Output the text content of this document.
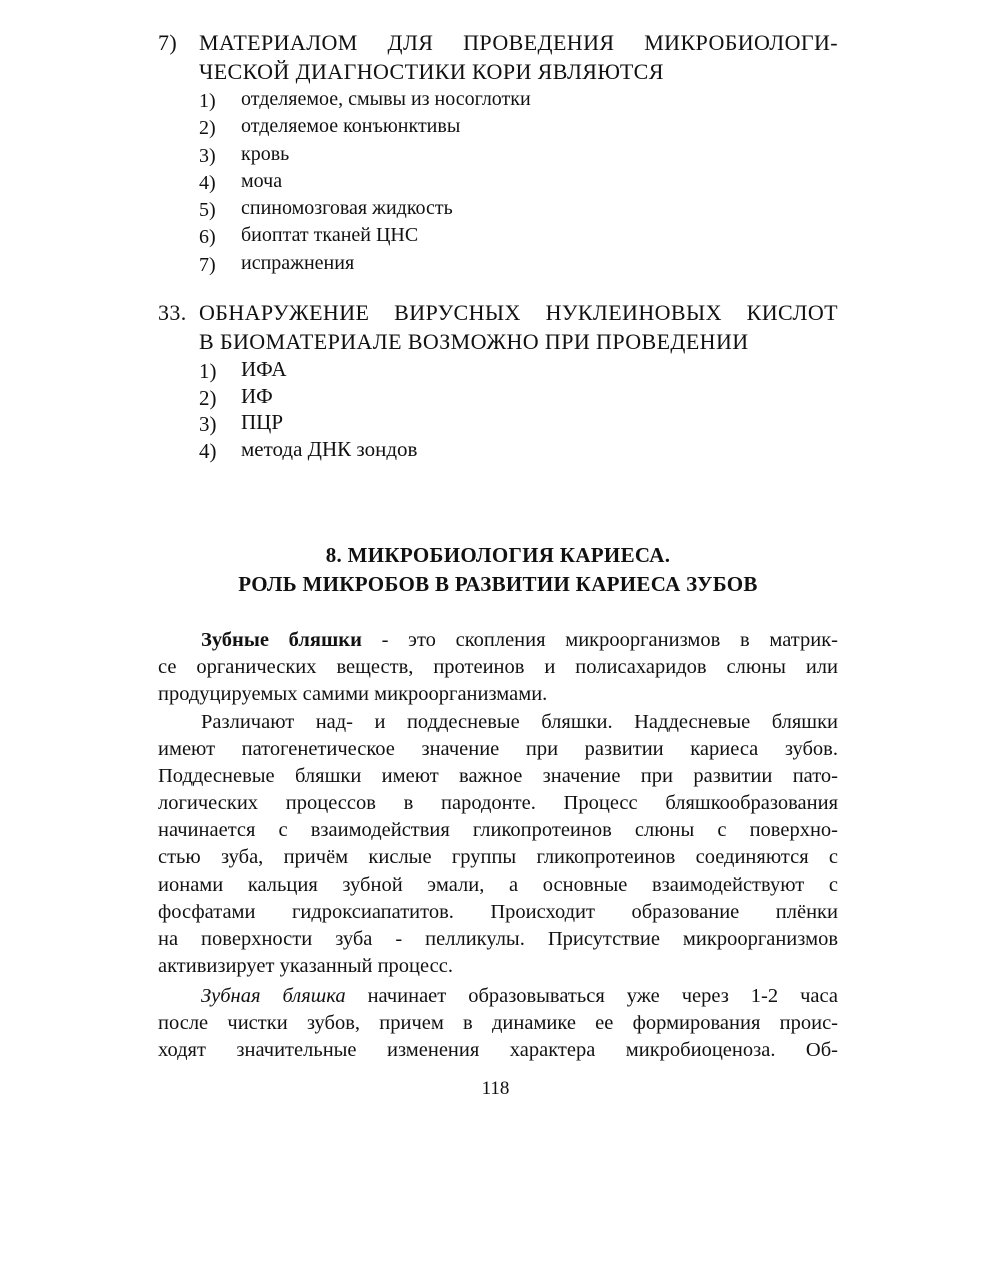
7) МАТЕРИАЛОМ ДЛЯ ПРОВЕДЕНИЯ МИКРОБИОЛОГИ-
ЧЕСКОЙ ДИАГНОСТИКИ КОРИ ЯВЛЯЮТСЯ
1) отделяемое, смывы из носоглотки
2) отделяемое конъюнктивы
3) кровь
4) моча
5) спиномозговая жидкость
6) биоптат тканей ЦНС
7) испражнения
33. ОБНАРУЖЕНИЕ ВИРУСНЫХ НУКЛЕИНОВЫХ КИСЛОТ
В БИОМАТЕРИАЛЕ ВОЗМОЖНО ПРИ ПРОВЕДЕНИИ
1) ИФА
2) ИФ
3) ПЦР
4) метода ДНК зондов
8. МИКРОБИОЛОГИЯ КАРИЕСА.
РОЛЬ МИКРОБОВ В РАЗВИТИИ КАРИЕСА ЗУБОВ
Зубные бляшки - это скопления микроорганизмов в матрик-
се органических веществ, протеинов и полисахаридов слюны или
продуцируемых самими микроорганизмами.
Различают над- и поддесневые бляшки. Наддесневые бляшки
имеют патогенетическое значение при развитии кариеса зубов.
Поддесневые бляшки имеют важное значение при развитии пато-
логических процессов в пародонте. Процесс бляшкообразования
начинается с взаимодействия гликопротеинов слюны с поверхно-
стью зуба, причём кислые группы гликопротеинов соединяются с
ионами кальция зубной эмали, а основные взаимодействуют с
фосфатами гидроксиапатитов. Происходит образование плёнки
на поверхности зуба - пелликулы. Присутствие микроорганизмов
активизирует указанный процесс.
Зубная бляшка начинает образовываться уже через 1-2 часа
после чистки зубов, причем в динамике ее формирования проис-
ходят значительные изменения характера микробиоценоза. Об-
118
